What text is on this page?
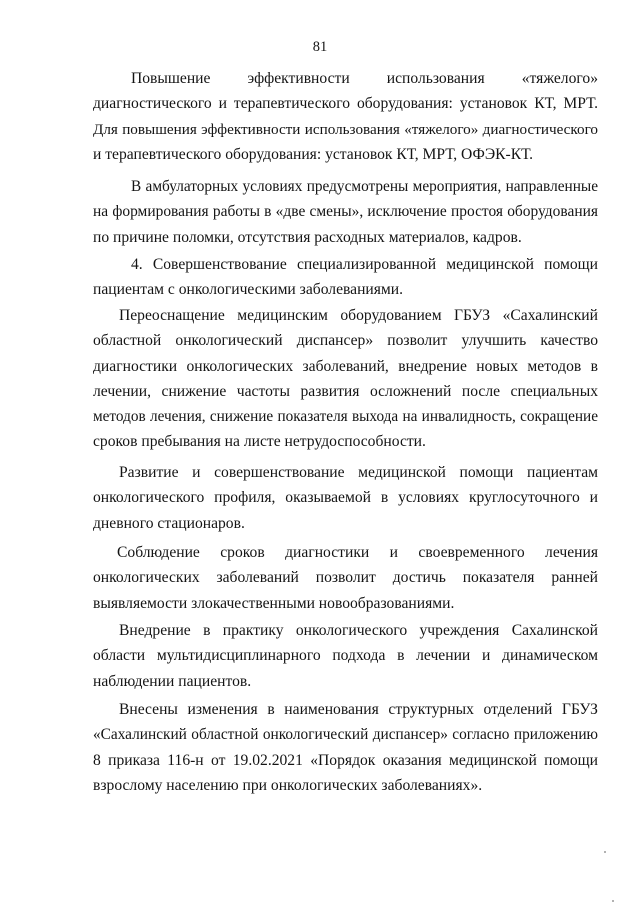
81
Повышение эффективности использования «тяжелого»
диагностического и терапевтического оборудования: установок КТ, МРТ.
Для повышения эффективности использования «тяжелого» диагностического
и терапевтического оборудования: установок КТ, МРТ, ОФЭК-КТ.
В амбулаторных условиях предусмотрены мероприятия, направленные
на формирования работы в «две смены», исключение простоя оборудования
по причине поломки, отсутствия расходных материалов, кадров.
4. Совершенствование специализированной медицинской помощи
пациентам с онкологическими заболеваниями.
Переоснащение медицинским оборудованием ГБУЗ «Сахалинский
областной онкологический диспансер» позволит улучшить качество
диагностики онкологических заболеваний, внедрение новых методов в
лечении, снижение частоты развития осложнений после специальных
методов лечения, снижение показателя выхода на инвалидность, сокращение
сроков пребывания на листе нетрудоспособности.
Развитие и совершенствование медицинской помощи пациентам
онкологического профиля, оказываемой в условиях круглосуточного и
дневного стационаров.
Соблюдение сроков диагностики и своевременного лечения
онкологических заболеваний позволит достичь показателя ранней
выявляемости злокачественными новообразованиями.
Внедрение в практику онкологического учреждения Сахалинской
области мультидисциплинарного подхода в лечении и динамическом
наблюдении пациентов.
Внесены изменения в наименования структурных отделений ГБУЗ
«Сахалинский областной онкологический диспансер» согласно приложению
8 приказа 116-н от 19.02.2021 «Порядок оказания медицинской помощи
взрослому населению при онкологических заболеваниях».
